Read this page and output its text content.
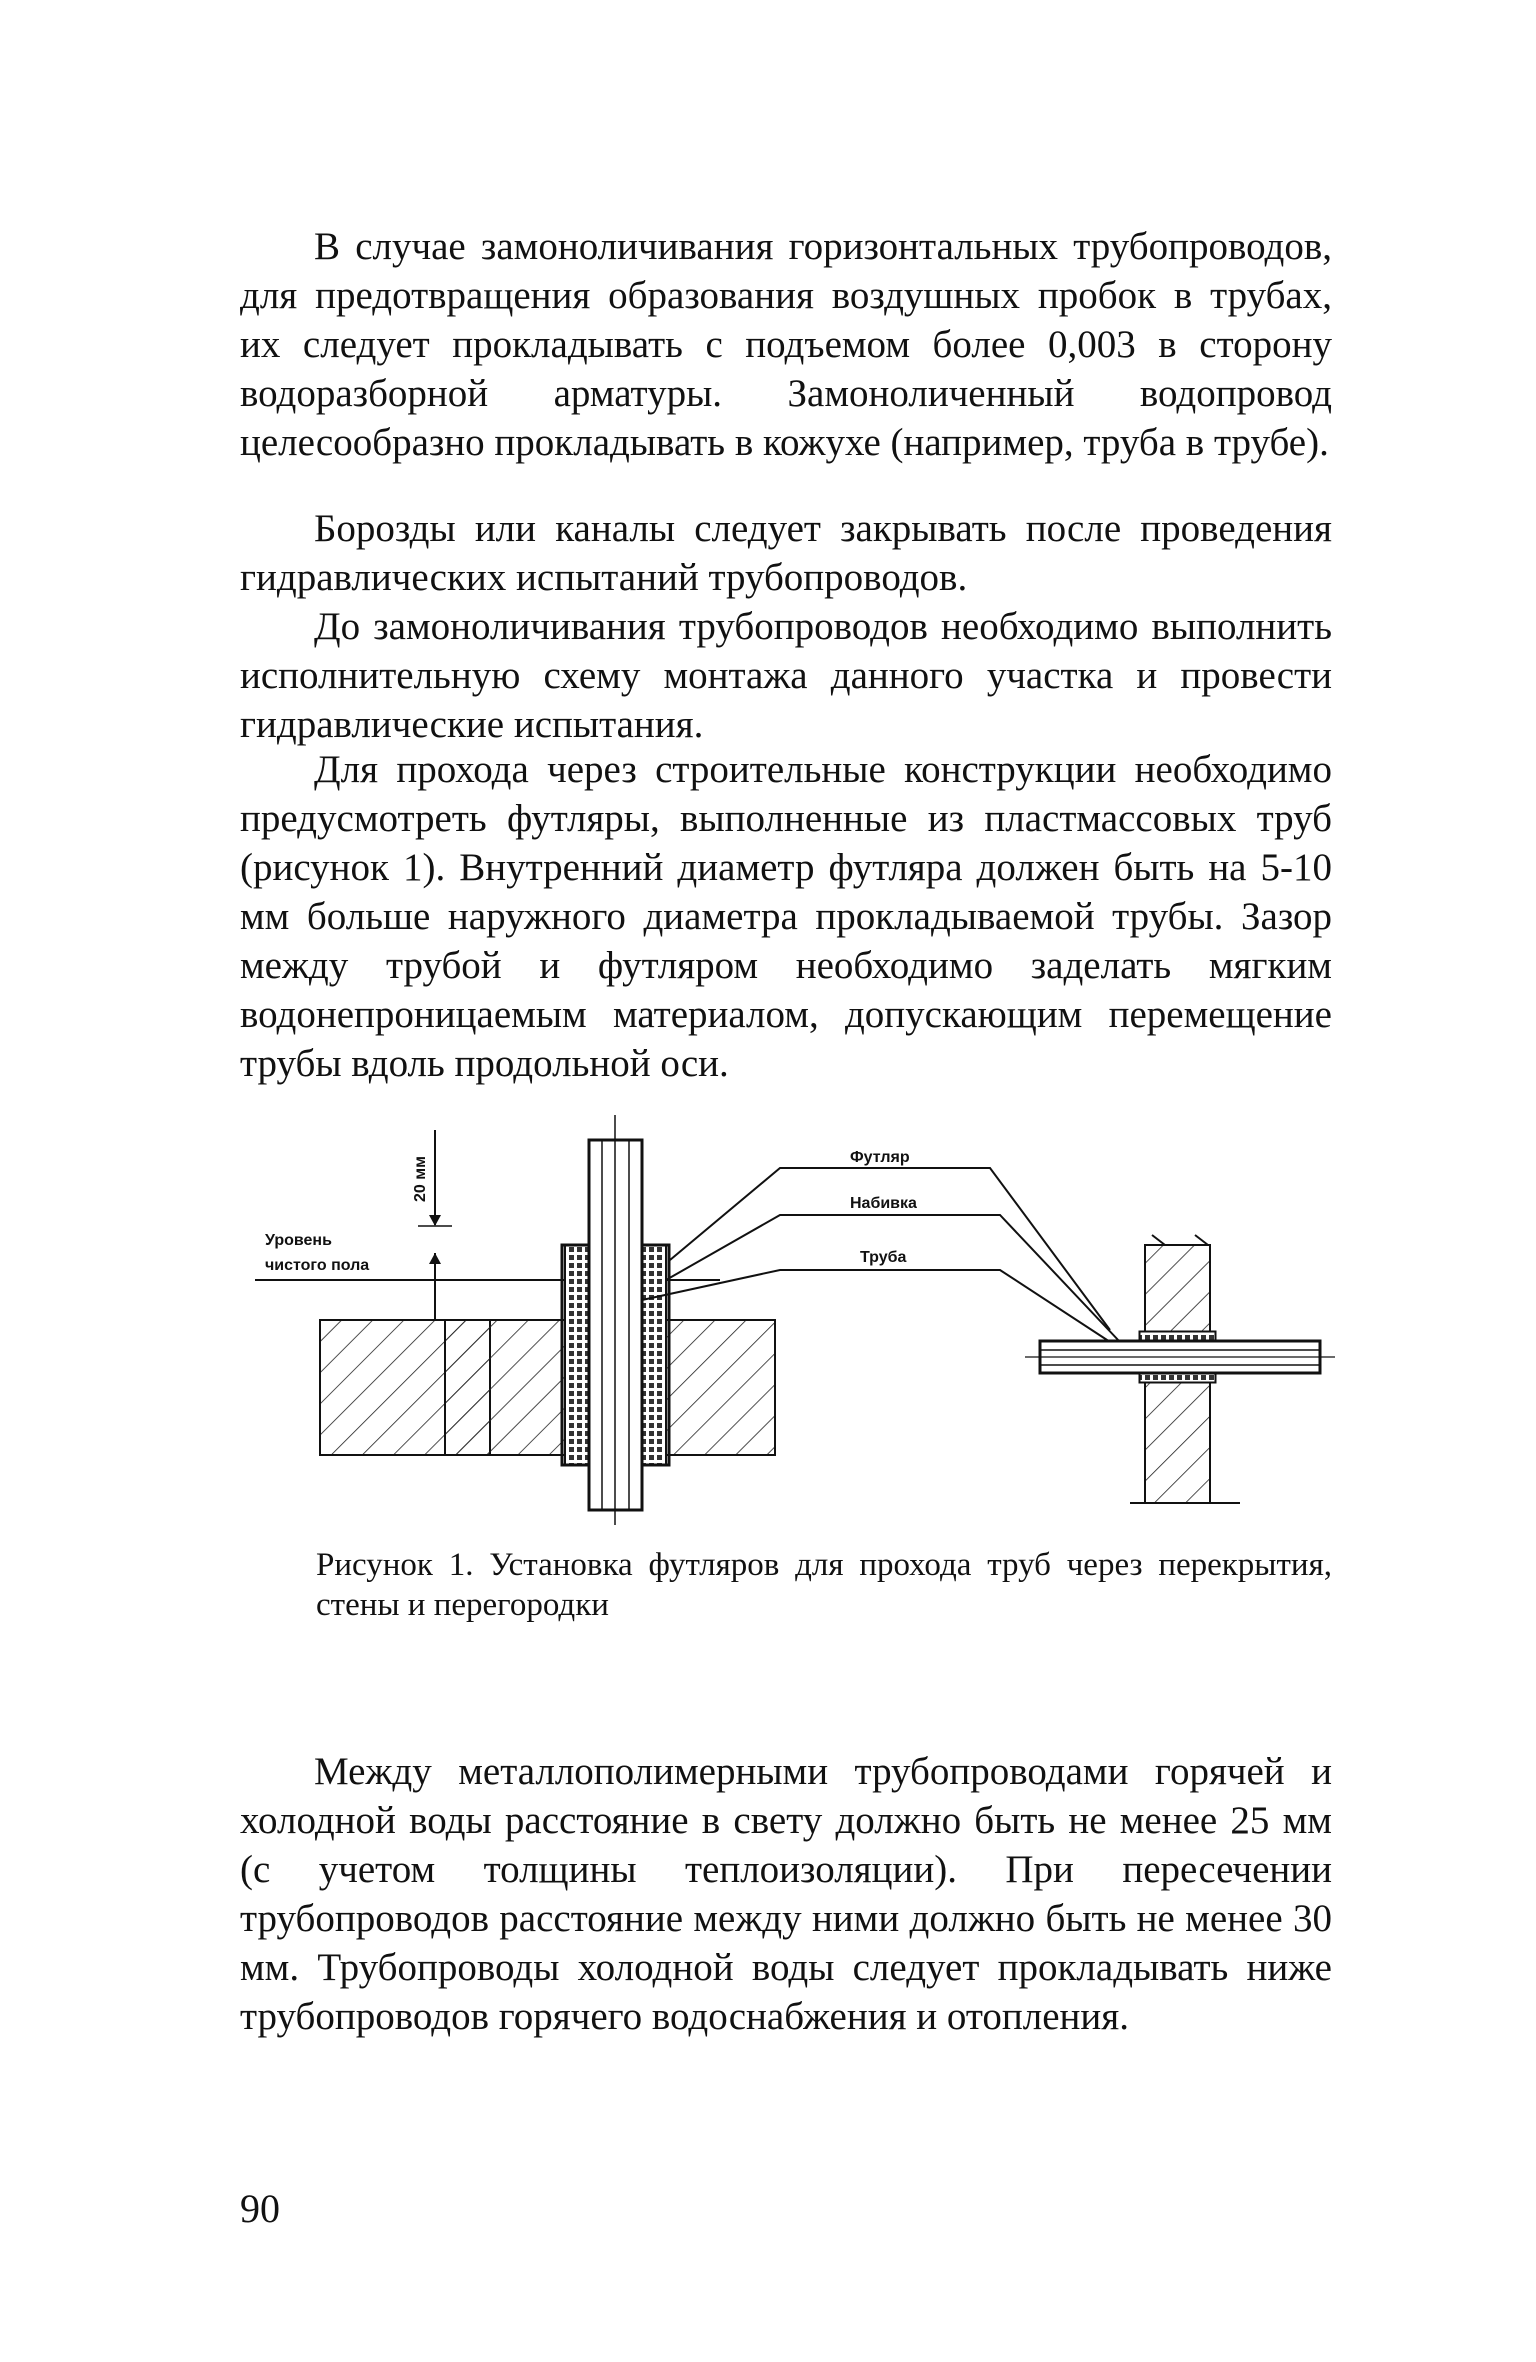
В случае замоноличивания горизонтальных трубопроводов, для предотвращения образования воздушных пробок в трубах, их следует прокладывать с подъемом более 0,003 в сторону водоразборной арматуры. Замоноличенный водопровод целесообразно прокладывать в кожухе (например, труба в трубе).

Борозды или каналы следует закрывать после проведения гидравлических испытаний трубопроводов.

До замоноличивания трубопроводов необходимо выполнить исполнительную схему монтажа данного участка и провести гидравлические испытания.

Для прохода через строительные конструкции необходимо предусмотреть футляры, выполненные из пластмассовых труб (рисунок 1). Внутренний диаметр футляра должен быть на 5-10 мм больше наружного диаметра прокладываемой трубы. Зазор между трубой и футляром необходимо заделать мягким водонепроницаемым материалом, допускающим перемещение трубы вдоль продольной оси.

20 мм
Уровень
чистого пола
Футляр
Набивка
Труба

Рисунок 1. Установка футляров для прохода труб через перекрытия, стены и перегородки

Между металлополимерными трубопроводами горячей и холодной воды расстояние в свету должно быть не менее 25 мм (с учетом толщины теплоизоляции). При пересечении трубопроводов расстояние между ними должно быть не менее 30 мм. Трубопроводы холодной воды следует прокладывать ниже трубопроводов горячего водоснабжения и отопления.

90
